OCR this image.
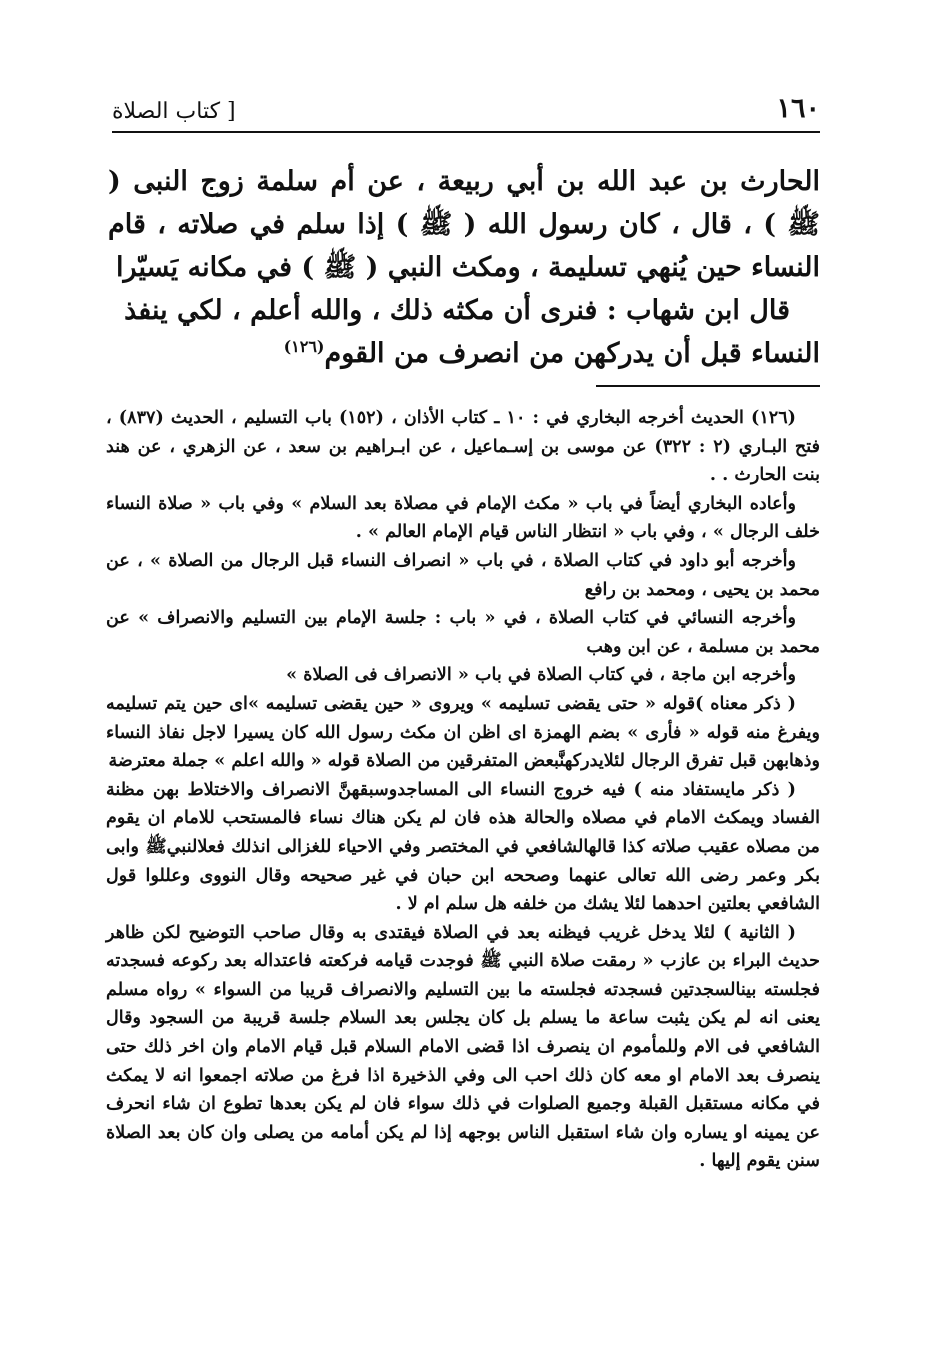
١٦٠
[ كتاب الصلاة

الحارث بن عبد الله بن أبي ربيعة ، عن أم سلمة زوج النبى ( ﷺ ) ، قال ، كان رسول الله ( ﷺ ) إذا سلم في صلاته ، قام النساء حين يُنهي تسليمة ، ومكث النبي ( ﷺ ) في مكانه يَسيّرا

قال ابن شهاب : فنرى أن مكثه ذلك ، والله أعلم ، لكي ينفذ النساء قبل أن يدركهن من انصرف من القوم$^{(١٢٦)}$

(١٢٦) الحديث أخرجه البخاري في : ١٠ ـ كتاب الأذان ، (١٥٢) باب التسليم ، الحديث (٨٣٧) ، فتح البـاري (٢ : ٣٢٢) عن موسى بن إسـماعيل ، عن ابـراهيم بن سعد ، عن الزهري ، عن هند بنت الحارث . .

وأعاده البخاري أيضاً في باب « مكث الإمام في مصلاة بعد السلام » وفي باب « صلاة النساء خلف الرجال » ، وفي باب « انتظار الناس قيام الإمام العالم » .

وأخرجه أبو داود في كتاب الصلاة ، في باب « انصراف النساء قبل الرجال من الصلاة » ، عن محمد بن يحيى ، ومحمد بن رافع

وأخرجه النسائي في كتاب الصلاة ، في « باب : جلسة الإمام بين التسليم والانصراف » عن محمد بن مسلمة ، عن ابن وهب

وأخرجه ابن ماجة ، في كتاب الصلاة في باب « الانصراف فى الصلاة »

( ذكر معناه )قوله « حتى يقضى تسليمه » ويروى « حين يقضى تسليمه »اى حين يتم تسليمه ويفرغ منه قوله « فأرى » بضم الهمزة اى اظن ان مكث رسول الله كان يسيرا لاجل نفاذ النساء وذهابهن قبل تفرق الرجال لئلايدركهنَّبعض المتفرقين من الصلاة قوله « والله اعلم » جملة معترضة

( ذكر مايستفاد منه ) فيه خروج النساء الى المساجدوسبقهنَّ الانصراف والاختلاط بهن مظنة الفساد ويمكث الامام في مصلاه والحالة هذه فان لم يكن هناك نساء فالمستحب للامام ان يقوم من مصلاه عقيب صلاته كذا قالهالشافعي في المختصر وفي الاحياء للغزالى انذلك فعلالنبيﷺ وابى بكر وعمر رضى الله تعالى عنهما وصححه ابن حبان في غير صحيحه وقال النووى وعللوا قول الشافعي بعلتين احدهما لئلا يشك من خلفه هل سلم ام لا .

( الثانية ) لئلا يدخل غريب فيظنه بعد في الصلاة فيقتدى به وقال صاحب التوضيح لكن ظاهر حديث البراء بن عازب « رمقت صلاة النبي ﷺ فوجدت قيامه فركعته فاعتداله بعد ركوعه فسجدته فجلسته بينالسجدتين فسجدته فجلسته ما بين التسليم والانصراف قريبا من السواء » رواه مسلم يعنى انه لم يكن يثبت ساعة ما يسلم بل كان يجلس بعد السلام جلسة قريبة من السجود وقال الشافعي فى الام وللمأموم ان ينصرف اذا قضى الامام السلام قبل قيام الامام وان اخر ذلك حتى ينصرف بعد الامام او معه كان ذلك احب الى وفي الذخيرة اذا فرغ من صلاته اجمعوا انه لا يمكث في مكانه مستقبل القبلة وجميع الصلوات في ذلك سواء فان لم يكن بعدها تطوع ان شاء انحرف عن يمينه او يساره وان شاء استقبل الناس بوجهه إذا لم يكن أمامه من يصلى وان كان بعد الصلاة سنن يقوم إليها .
